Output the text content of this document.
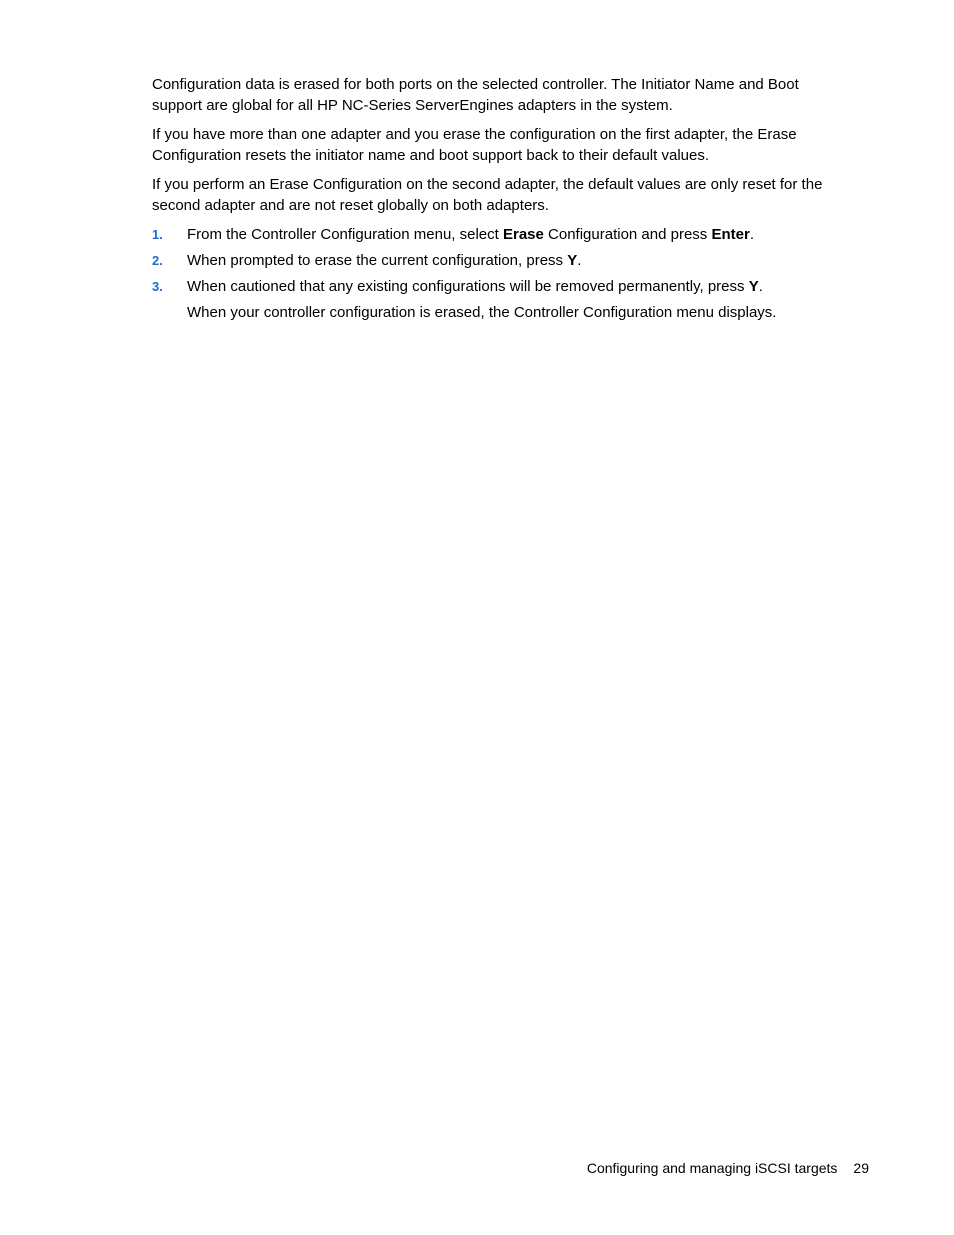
Configuration data is erased for both ports on the selected controller. The Initiator Name and Boot support are global for all HP NC-Series ServerEngines adapters in the system.

If you have more than one adapter and you erase the configuration on the first adapter, the Erase Configuration resets the initiator name and boot support back to their default values.

If you perform an Erase Configuration on the second adapter, the default values are only reset for the second adapter and are not reset globally on both adapters.

1. From the Controller Configuration menu, select Erase Configuration and press Enter.
2. When prompted to erase the current configuration, press Y.
3. When cautioned that any existing configurations will be removed permanently, press Y.

When your controller configuration is erased, the Controller Configuration menu displays.

Configuring and managing iSCSI targets 29
